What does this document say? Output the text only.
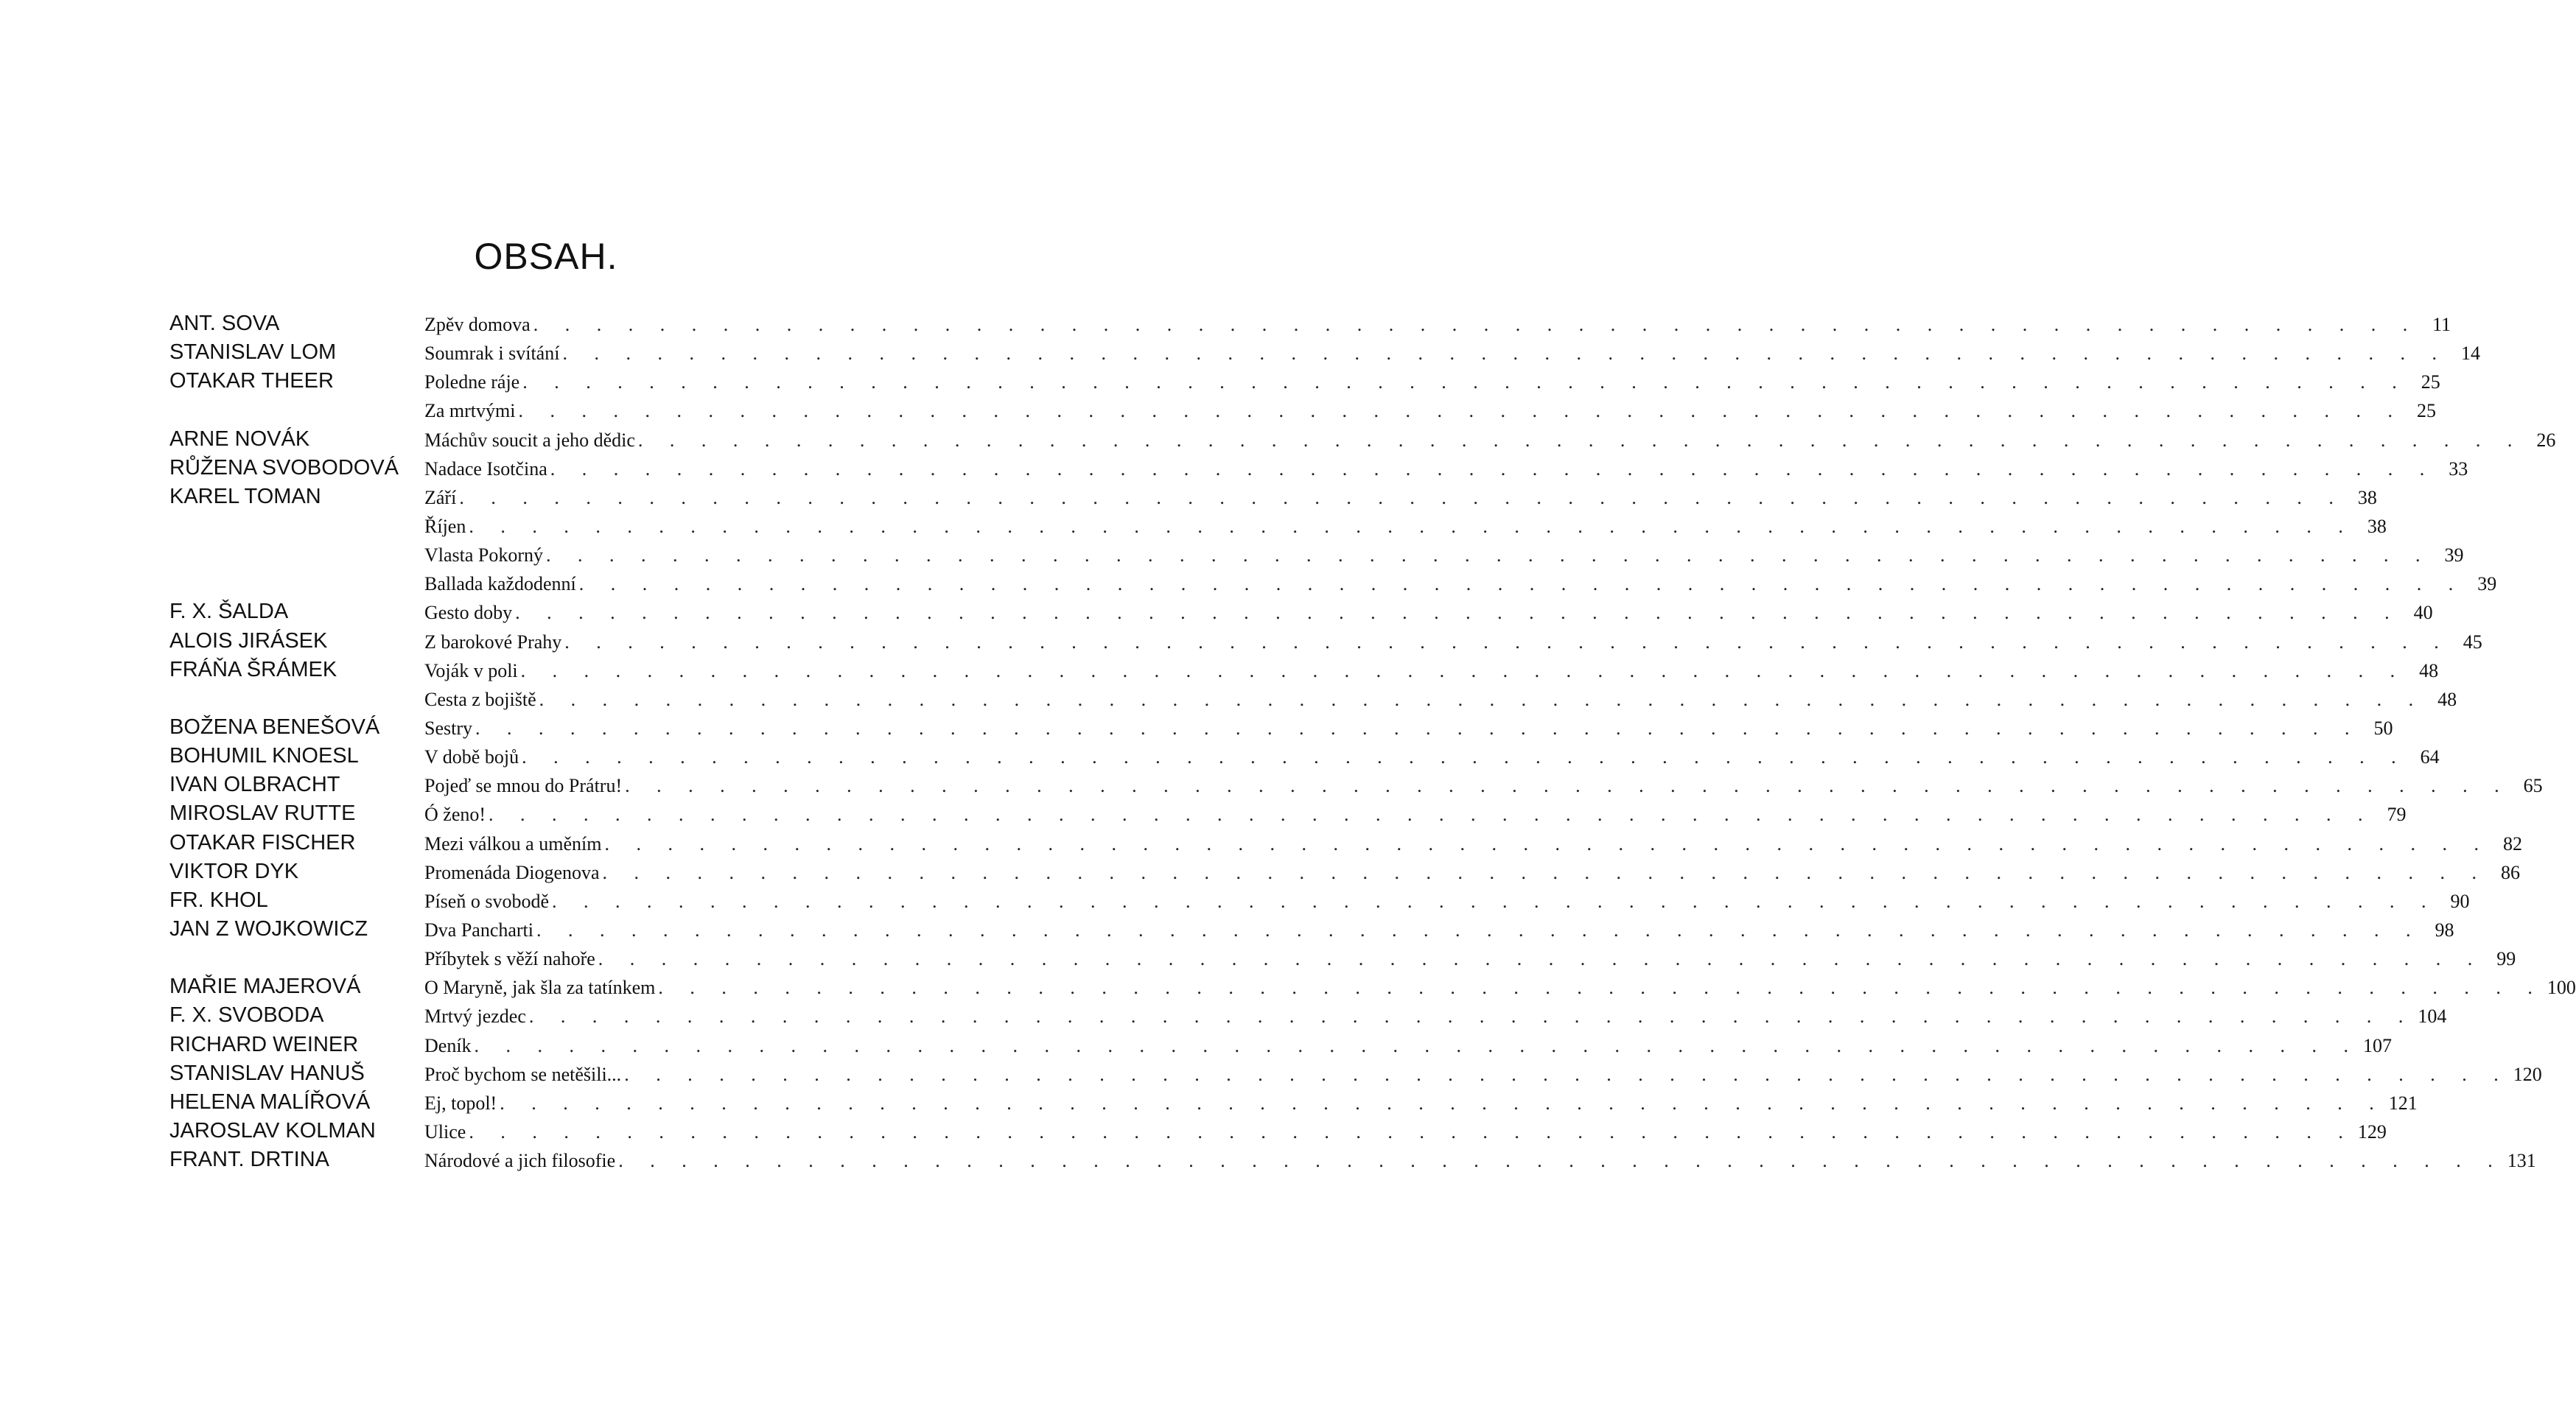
OBSAH.
ANT. SOVA	Zpěv domova . . . . . . . . . . . . . . . . . . . . . . . . . . . . . . . . . . . . . . . . . . . . . . . . . . . . . . . . . . . . 11
STANISLAV LOM	Soumrak i svítání . . . . . . . . . . . . . . . . . . . . . . . . . . . . . . . . . . . . . . . . . . . . . . . . . . . . . . . . . . . . 14
OTAKAR THEER	Poledne ráje . . . . . . . . . . . . . . . . . . . . . . . . . . . . . . . . . . . . . . . . . . . . . . . . . . . . . . . . . . . . 25
Za mrtvými . . . . . . . . . . . . . . . . . . . . . . . . . . . . . . . . . . . . . . . . . . . . . . . . . . . . . . . . . . . . 25
ARNE NOVÁK	Máchův soucit a jeho dědic . . . . . . . . . . . . . . . . . . . . . . . . . . . . . . . . . . . . . . . . . . . . . . . . . . . . . . . . . . . . 26
RŮŽENA SVOBODOVÁ Nadace Isotčina . . . . . . . . . . . . . . . . . . . . . . . . . . . . . . . . . . . . . . . . . . . . . . . . . . . . . . . . . . . . 33
KAREL TOMAN	Září . . . . . . . . . . . . . . . . . . . . . . . . . . . . . . . . . . . . . . . . . . . . . . . . . . . . . . . . . . . . 38
Říjen . . . . . . . . . . . . . . . . . . . . . . . . . . . . . . . . . . . . . . . . . . . . . . . . . . . . . . . . . . . . 38
Vlasta Pokorný . . . . . . . . . . . . . . . . . . . . . . . . . . . . . . . . . . . . . . . . . . . . . . . . . . . . . . . . . . . . 39
Ballada každodenní . . . . . . . . . . . . . . . . . . . . . . . . . . . . . . . . . . . . . . . . . . . . . . . . . . . . . . . . . . . . 39
F. X. ŠALDA	Gesto doby . . . . . . . . . . . . . . . . . . . . . . . . . . . . . . . . . . . . . . . . . . . . . . . . . . . . . . . . . . . . 40
ALOIS JIRÁSEK	Z barokové Prahy . . . . . . . . . . . . . . . . . . . . . . . . . . . . . . . . . . . . . . . . . . . . . . . . . . . . . . . . . . . . 45
FRÁŇA ŠRÁMEK	Voják v poli . . . . . . . . . . . . . . . . . . . . . . . . . . . . . . . . . . . . . . . . . . . . . . . . . . . . . . . . . . . . 48
Cesta z bojiště . . . . . . . . . . . . . . . . . . . . . . . . . . . . . . . . . . . . . . . . . . . . . . . . . . . . . . . . . . . . 48
BOŽENA BENEŠOVÁ Sestry . . . . . . . . . . . . . . . . . . . . . . . . . . . . . . . . . . . . . . . . . . . . . . . . . . . . . . . . . . . . 50
BOHUMIL KNOESL	V době bojů . . . . . . . . . . . . . . . . . . . . . . . . . . . . . . . . . . . . . . . . . . . . . . . . . . . . . . . . . . . . 64
IVAN OLBRACHT	Pojeď se mnou do Prátru! . . . . . . . . . . . . . . . . . . . . . . . . . . . . . . . . . . . . . . . . . . . . . . . . . . . . . . . . . . . . 65
MIROSLAV RUTTE	Ó ženo! . . . . . . . . . . . . . . . . . . . . . . . . . . . . . . . . . . . . . . . . . . . . . . . . . . . . . . . . . . . . 79
OTAKAR FISCHER	Mezi válkou a uměním . . . . . . . . . . . . . . . . . . . . . . . . . . . . . . . . . . . . . . . . . . . . . . . . . . . . . . . . . . . . 82
VIKTOR DYK	Promenáda Diogenova . . . . . . . . . . . . . . . . . . . . . . . . . . . . . . . . . . . . . . . . . . . . . . . . . . . . . . . . . . . . 86
FR. KHOL	Píseň o svobodě . . . . . . . . . . . . . . . . . . . . . . . . . . . . . . . . . . . . . . . . . . . . . . . . . . . . . . . . . . . . 90
JAN Z WOJKOWICZ	Dva Pancharti . . . . . . . . . . . . . . . . . . . . . . . . . . . . . . . . . . . . . . . . . . . . . . . . . . . . . . . . . . . . 98
Příbytek s věží nahoře . . . . . . . . . . . . . . . . . . . . . . . . . . . . . . . . . . . . . . . . . . . . . . . . . . . . . . . . . . . . 99
MAŘIE MAJEROVÁ	O Maryně, jak šla za tatínkem . . . . . . . . . . . . . . . . . . . . . . . . . . . . . . . . . . . . . . . . . . . . . . . . . . . . . . . . . . . . 100
F. X. SVOBODA	Mrtvý jezdec . . . . . . . . . . . . . . . . . . . . . . . . . . . . . . . . . . . . . . . . . . . . . . . . . . . . . . . . . . . . 104
RICHARD WEINER	Deník . . . . . . . . . . . . . . . . . . . . . . . . . . . . . . . . . . . . . . . . . . . . . . . . . . . . . . . . . . . . 107
STANISLAV HANUŠ	Proč bychom se netěšili... . . . . . . . . . . . . . . . . . . . . . . . . . . . . . . . . . . . . . . . . . . . . . . . . . . . . . . . . . . . . 120
HELENA MALÍŘOVÁ	Ej, topol! . . . . . . . . . . . . . . . . . . . . . . . . . . . . . . . . . . . . . . . . . . . . . . . . . . . . . . . . . . . . 121
JAROSLAV KOLMAN	Ulice . . . . . . . . . . . . . . . . . . . . . . . . . . . . . . . . . . . . . . . . . . . . . . . . . . . . . . . . . . . . 129
FRANT. DRTINA	Národové a jich filosofie . . . . . . . . . . . . . . . . . . . . . . . . . . . . . . . . . . . . . . . . . . . . . . . . . . . . . . . . . . . . 131
